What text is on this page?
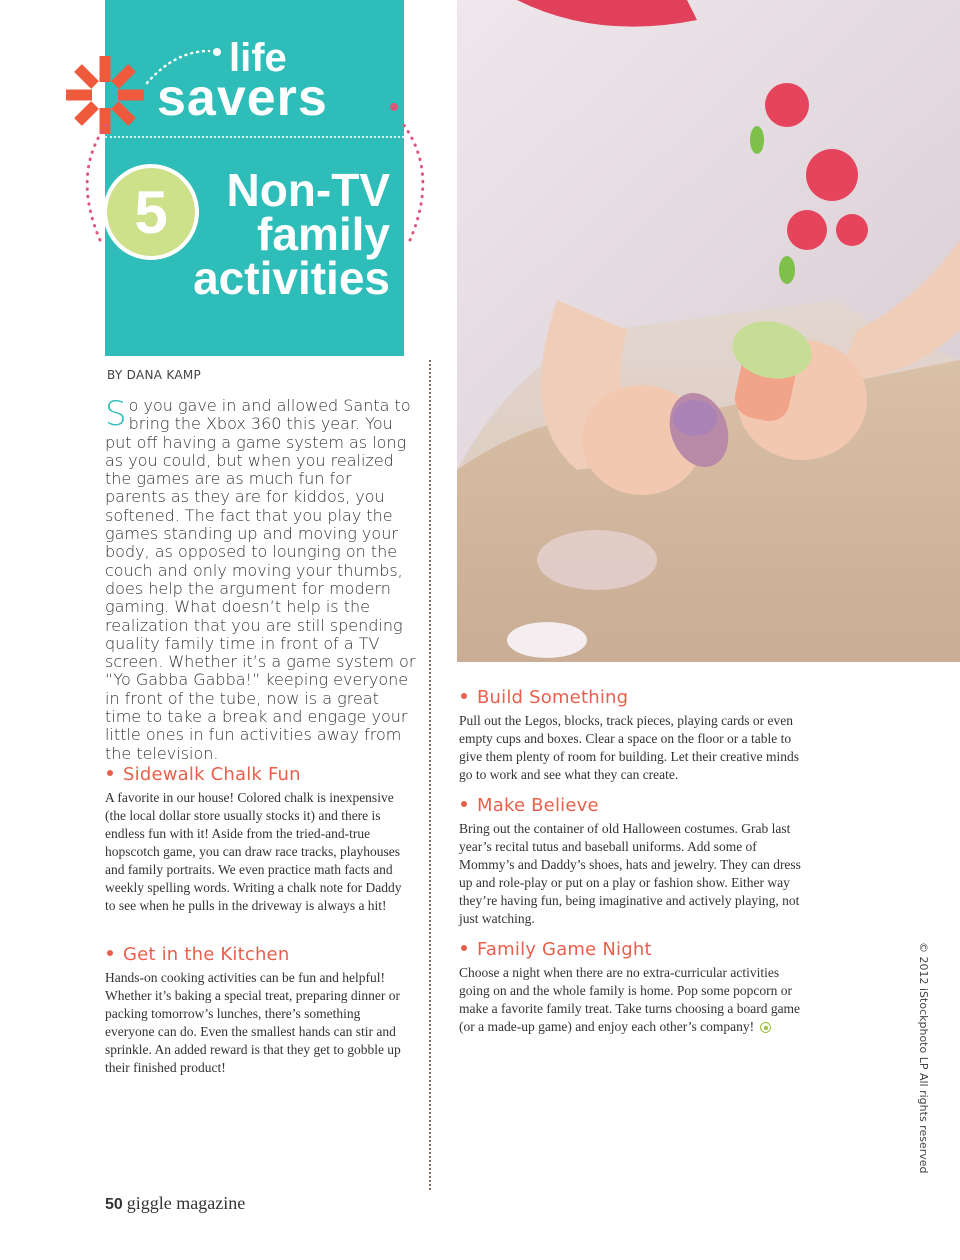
life
savers
5	Non-TV
family
activities
BY DANA KAMP
So you gave in and allowed Santa to bring the Xbox 360 this year. You put off having a game system as long as you could, but when you realized the games are as much fun for parents as they are for kiddos, you softened. The fact that you play the games standing up and moving your body, as opposed to lounging on the couch and only moving your thumbs, does help the argument for modern gaming. What doesn’t help is the realization that you are still spending quality family time in front of a TV screen. Whether it’s a game system or “Yo Gabba Gabba!” keeping everyone in front of the tube, now is a great time to take a break and engage your little ones in fun activities away from the television.
Sidewalk Chalk Fun
A favorite in our house! Colored chalk is inexpensive (the local dollar store usually stocks it) and there is endless fun with it! Aside from the tried-and-true hopscotch game, you can draw race tracks, playhouses and family portraits. We even practice math facts and weekly spelling words. Writing a chalk note for Daddy to see when he pulls in the driveway is always a hit!
Get in the Kitchen
Hands-on cooking activities can be fun and helpful! Whether it’s baking a special treat, preparing dinner or packing tomorrow’s lunches, there’s something everyone can do. Even the smallest hands can stir and sprinkle. An added reward is that they get to gobble up their finished product!
Build Something
Pull out the Legos, blocks, track pieces, playing cards or even empty cups and boxes. Clear a space on the floor or a table to give them plenty of room for building. Let their creative minds go to work and see what they can create.
Make Believe
Bring out the container of old Halloween costumes. Grab last year’s recital tutus and baseball uniforms. Add some of Mommy’s and Daddy’s shoes, hats and jewelry. They can dress up and role-play or put on a play or fashion show. Either way they’re having fun, being imaginative and actively playing, not just watching.
Family Game Night
Choose a night when there are no extra-curricular activities going on and the whole family is home. Pop some popcorn or make a favorite family treat. Take turns choosing a board game (or a made-up game) and enjoy each other’s company!	© 2012 iStockphoto LP All rights reserved
50 giggle magazine
